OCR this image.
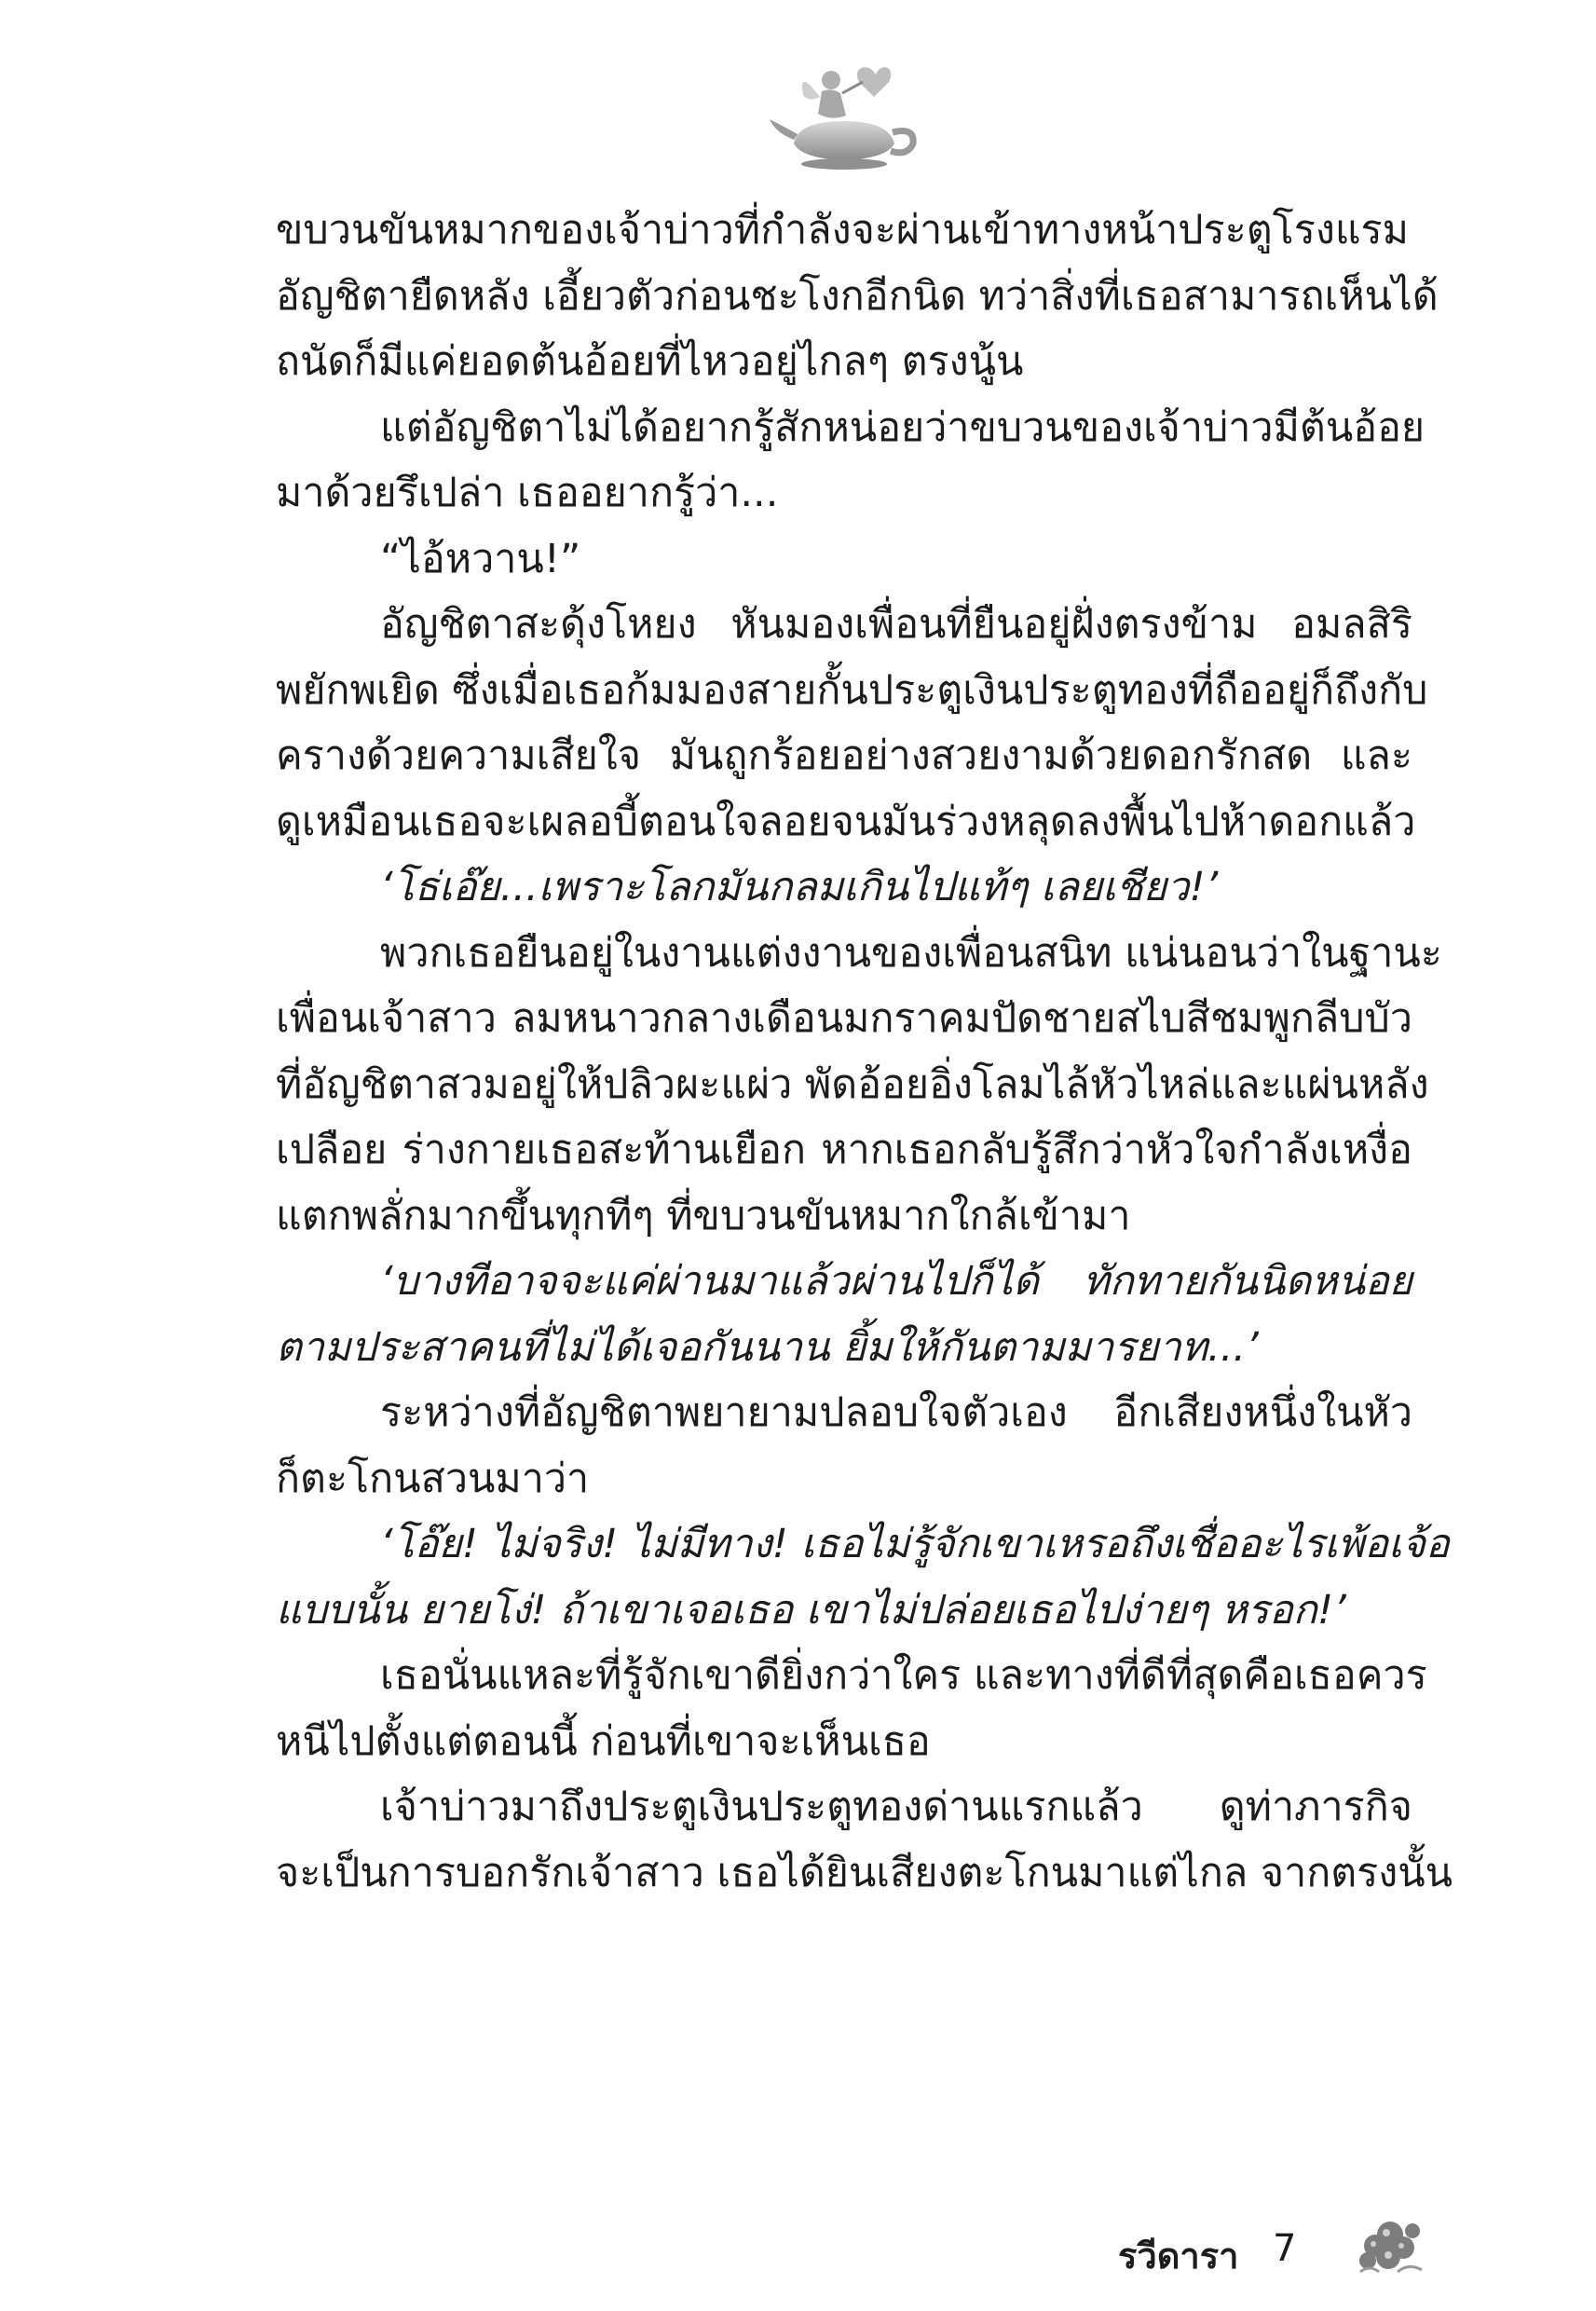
ขบวนขันหมากของเจ้าบ่าวที่กำลังจะผ่านเข้าทางหน้าประตูโรงแรม
อัญชิตายืดหลัง เอี้ยวตัวก่อนชะโงกอีกนิด ทว่าสิ่งที่เธอสามารถเห็นได้
ถนัดก็มีแค่ยอดต้นอ้อยที่ไหวอยู่ไกลๆ ตรงนู้น
แต่อัญชิตาไม่ได้อยากรู้สักหน่อยว่าขบวนของเจ้าบ่าวมีต้นอ้อย
มาด้วยรึเปล่า เธออยากรู้ว่า...
“ไอ้หวาน!”
อัญชิตาสะดุ้งโหยง หันมองเพื่อนที่ยืนอยู่ฝั่งตรงข้าม อมลสิริ
พยักพเยิด ซึ่งเมื่อเธอก้มมองสายกั้นประตูเงินประตูทองที่ถืออยู่ก็ถึงกับ
ครางด้วยความเสียใจ มันถูกร้อยอย่างสวยงามด้วยดอกรักสด และ
ดูเหมือนเธอจะเผลอบี้ตอนใจลอยจนมันร่วงหลุดลงพื้นไปห้าดอกแล้ว
‘โธ่เอ๊ย...เพราะโลกมันกลมเกินไปแท้ๆ เลยเชียว!’
พวกเธอยืนอยู่ในงานแต่งงานของเพื่อนสนิท แน่นอนว่าในฐานะ
เพื่อนเจ้าสาว ลมหนาวกลางเดือนมกราคมปัดชายสไบสีชมพูกลีบบัว
ที่อัญชิตาสวมอยู่ให้ปลิวผะแผ่ว พัดอ้อยอิ่งโลมไล้หัวไหล่และแผ่นหลัง
เปลือย ร่างกายเธอสะท้านเยือก หากเธอกลับรู้สึกว่าหัวใจกำลังเหงื่อ
แตกพลั่กมากขึ้นทุกทีๆ ที่ขบวนขันหมากใกล้เข้ามา
‘บางทีอาจจะแค่ผ่านมาแล้วผ่านไปก็ได้ ทักทายกันนิดหน่อย
ตามประสาคนที่ไม่ได้เจอกันนาน ยิ้มให้กันตามมารยาท...’
ระหว่างที่อัญชิตาพยายามปลอบใจตัวเอง อีกเสียงหนึ่งในหัว
ก็ตะโกนสวนมาว่า
‘โอ๊ย! ไม่จริง! ไม่มีทาง! เธอไม่รู้จักเขาเหรอถึงเชื่ออะไรเพ้อเจ้อ
แบบนั้น ยายโง่! ถ้าเขาเจอเธอ เขาไม่ปล่อยเธอไปง่ายๆ หรอก!’
เธอนั่นแหละที่รู้จักเขาดียิ่งกว่าใคร และทางที่ดีที่สุดคือเธอควร
หนีไปตั้งแต่ตอนนี้ ก่อนที่เขาจะเห็นเธอ
เจ้าบ่าวมาถึงประตูเงินประตูทองด่านแรกแล้ว ดูท่าภารกิจ
จะเป็นการบอกรักเจ้าสาว เธอได้ยินเสียงตะโกนมาแต่ไกล จากตรงนั้น
รวีดารา 7
